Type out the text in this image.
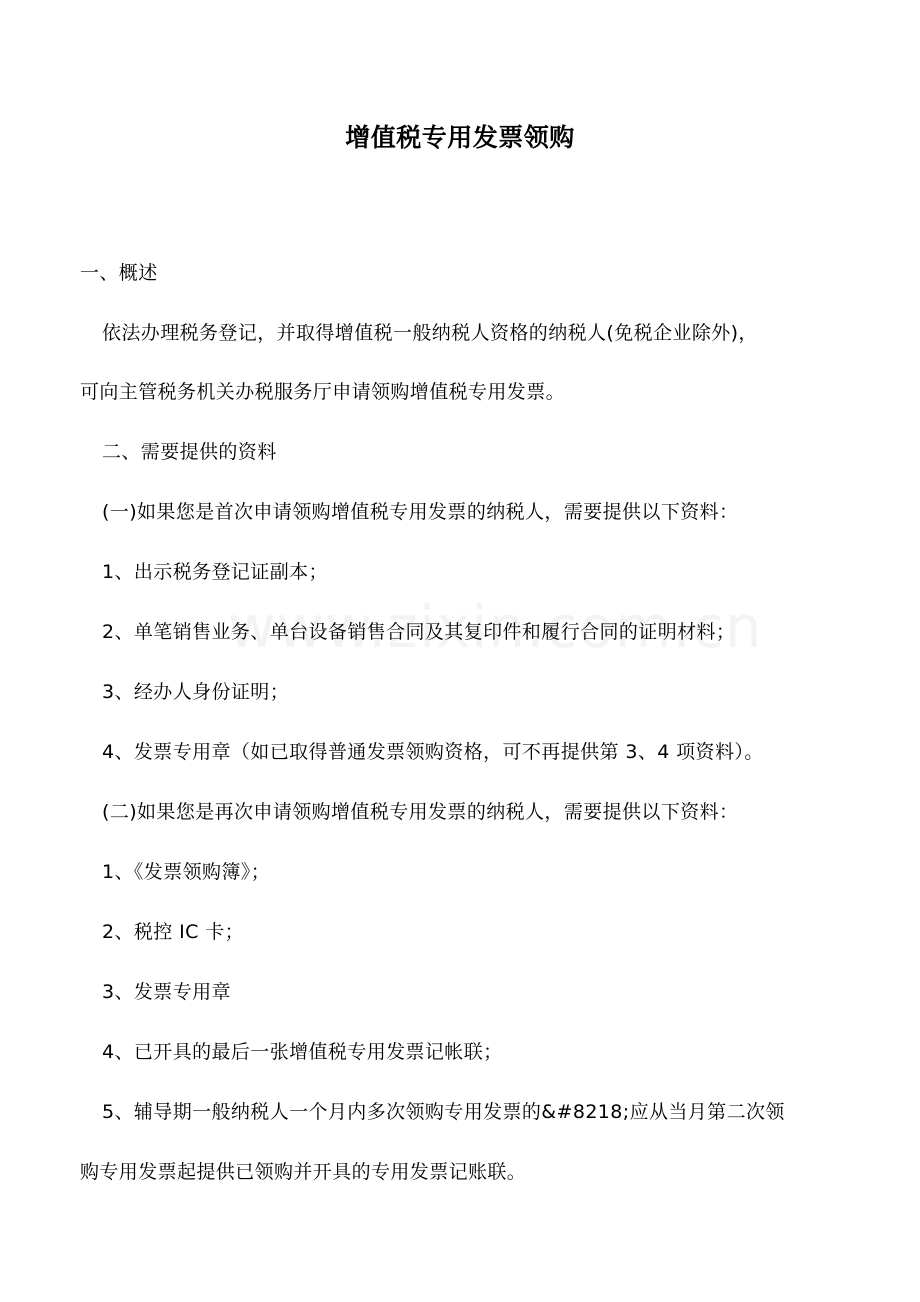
增值税专用发票领购
一、概述
依法办理税务登记，并取得增值税一般纳税人资格的纳税人(免税企业除外)，
可向主管税务机关办税服务厅申请领购增值税专用发票。
二、需要提供的资料
(一)如果您是首次申请领购增值税专用发票的纳税人，需要提供以下资料：
1、出示税务登记证副本；
2、单笔销售业务、单台设备销售合同及其复印件和履行合同的证明材料；
3、经办人身份证明；
4、发票专用章（如已取得普通发票领购资格，可不再提供第 3、4 项资料）。
(二)如果您是再次申请领购增值税专用发票的纳税人，需要提供以下资料：
1、《发票领购簿》；
2、税控 IC 卡；
3、发票专用章
4、已开具的最后一张增值税专用发票记帐联；
5、辅导期一般纳税人一个月内多次领购专用发票的&#8218;应从当月第二次领
购专用发票起提供已领购并开具的专用发票记账联。
